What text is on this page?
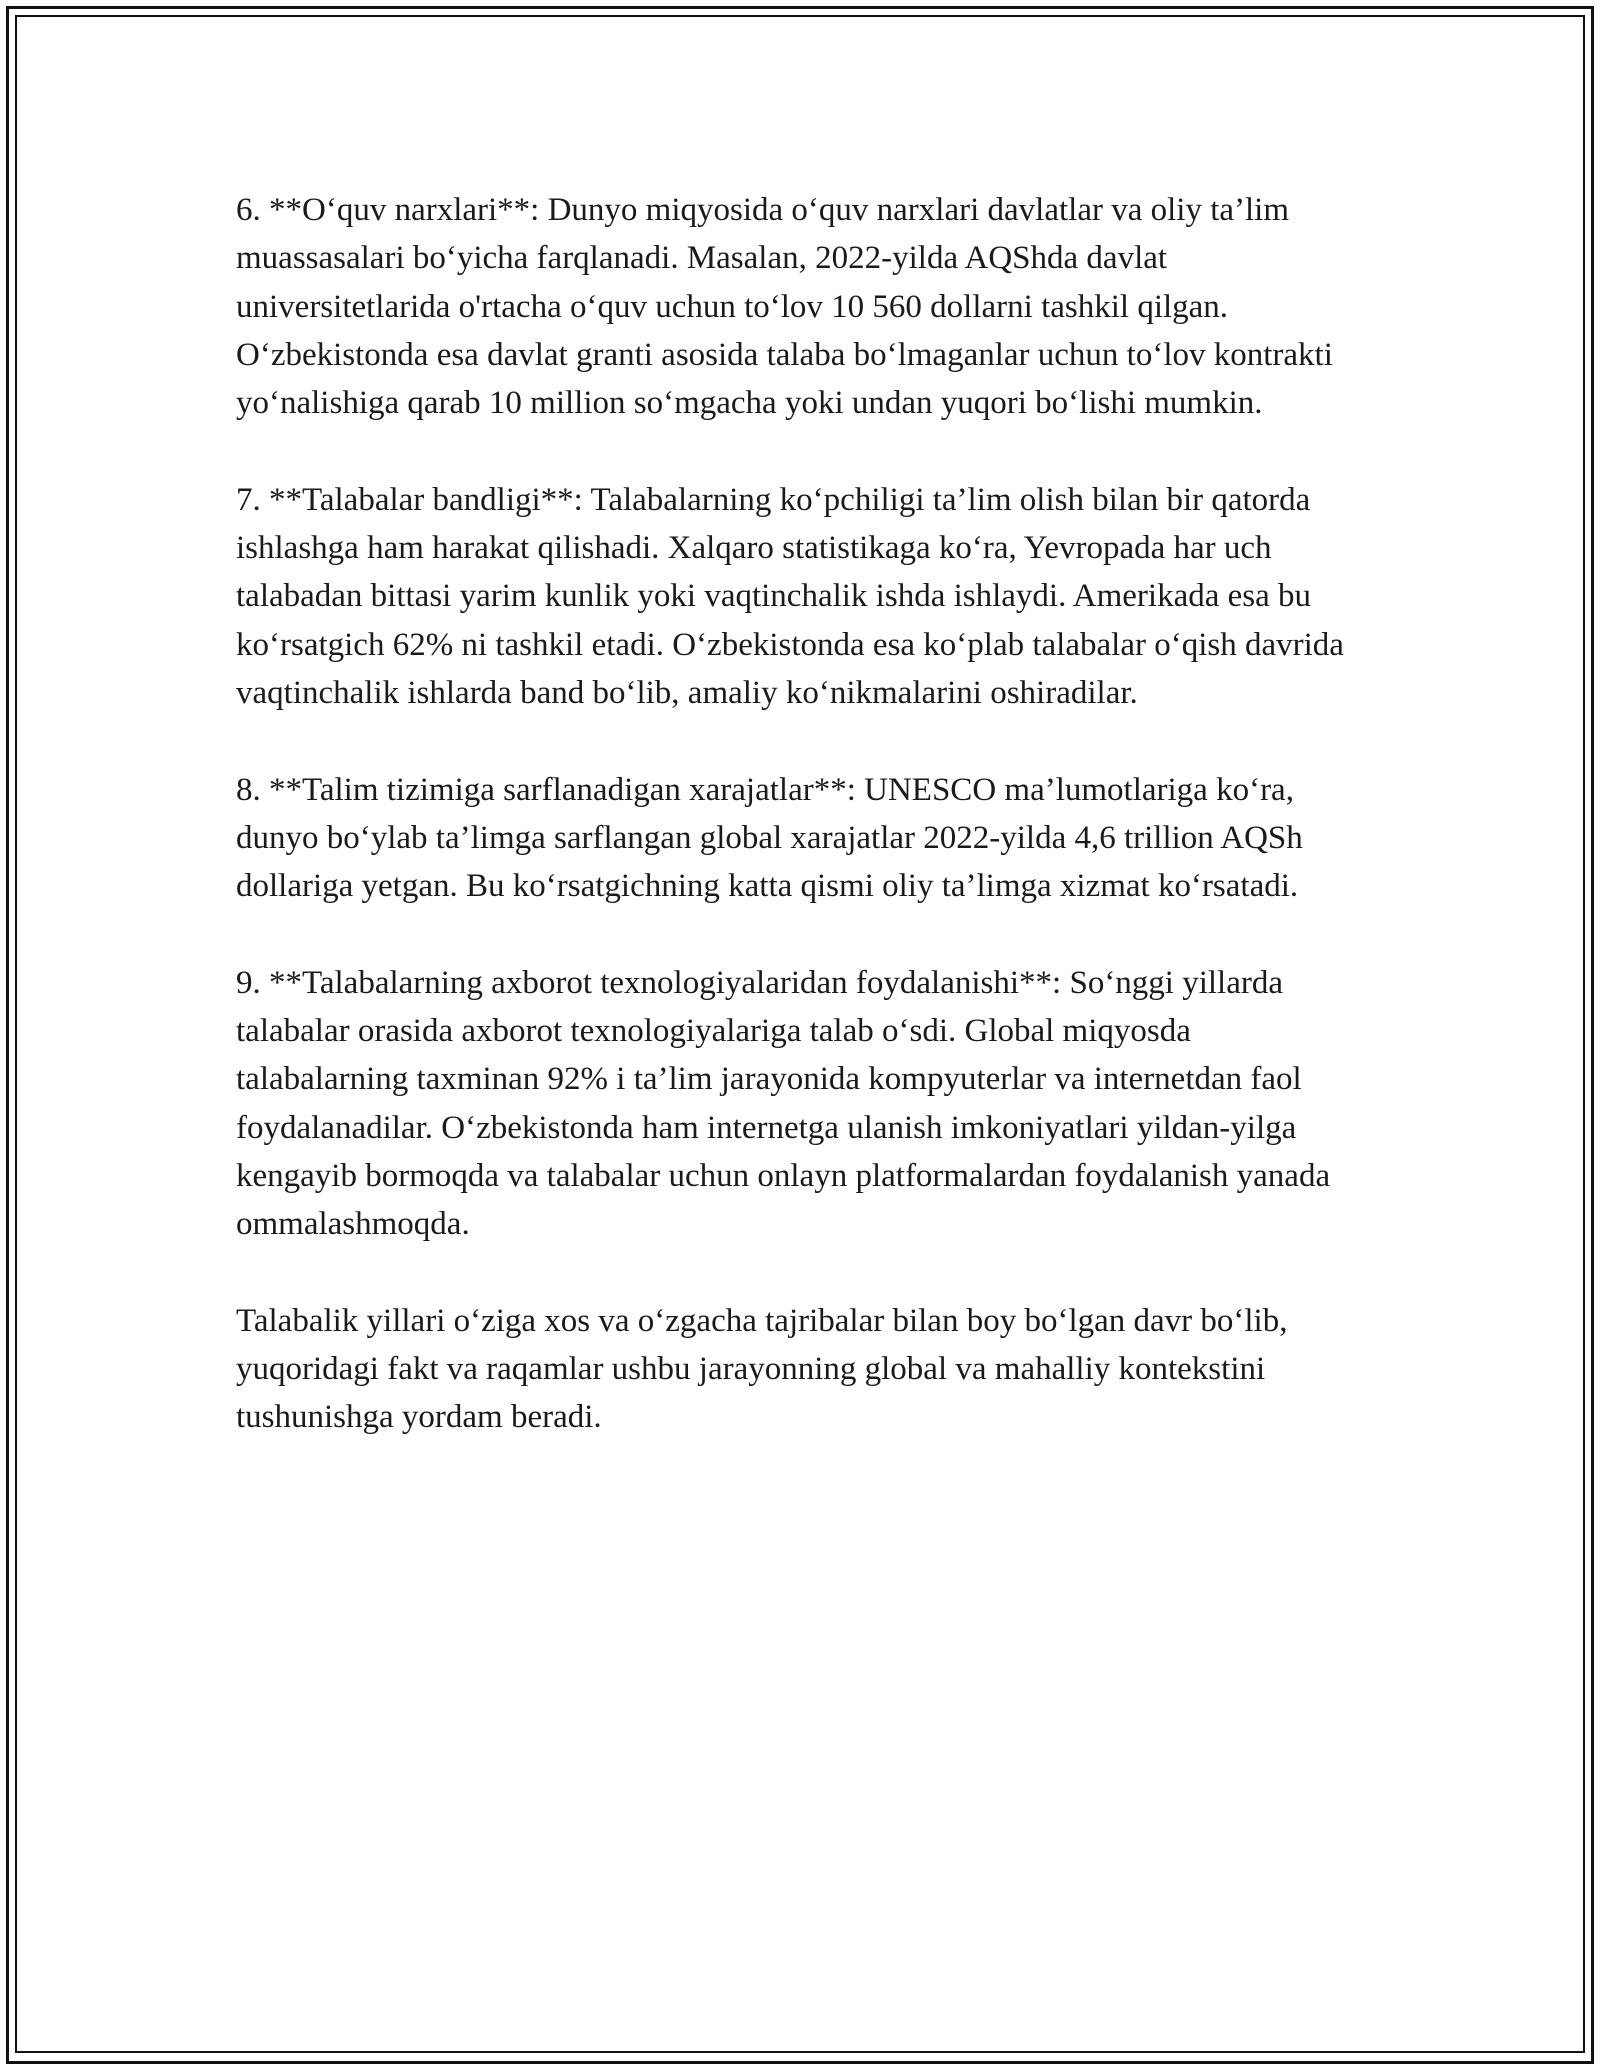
6. **O‘quv narxlari**: Dunyo miqyosida o‘quv narxlari davlatlar va oliy ta’lim muassasalari bo‘yicha farqlanadi. Masalan, 2022-yilda AQShda davlat universitetlarida o'rtacha o‘quv uchun to‘lov 10 560 dollarni tashkil qilgan. O‘zbekistonda esa davlat granti asosida talaba bo‘lmaganlar uchun to‘lov kontrakti yo‘nalishiga qarab 10 million so‘mgacha yoki undan yuqori bo‘lishi mumkin.

7. **Talabalar bandligi**: Talabalarning ko‘pchiligi ta’lim olish bilan bir qatorda ishlashga ham harakat qilishadi. Xalqaro statistikaga ko‘ra, Yevropada har uch talabadan bittasi yarim kunlik yoki vaqtinchalik ishda ishlaydi. Amerikada esa bu ko‘rsatgich 62% ni tashkil etadi. O‘zbekistonda esa ko‘plab talabalar o‘qish davrida vaqtinchalik ishlarda band bo‘lib, amaliy ko‘nikmalarini oshiradilar.

8. **Talim tizimiga sarflanadigan xarajatlar**: UNESCO ma’lumotlariga ko‘ra, dunyo bo‘ylab ta’limga sarflangan global xarajatlar 2022-yilda 4,6 trillion AQSh dollariga yetgan. Bu ko‘rsatgichning katta qismi oliy ta’limga xizmat ko‘rsatadi.

9. **Talabalarning axborot texnologiyalaridan foydalanishi**: So‘nggi yillarda talabalar orasida axborot texnologiyalariga talab o‘sdi. Global miqyosda talabalarning taxminan 92% i ta’lim jarayonida kompyuterlar va internetdan faol foydalanadilar. O‘zbekistonda ham internetga ulanish imkoniyatlari yildan-yilga kengayib bormoqda va talabalar uchun onlayn platformalardan foydalanish yanada ommalashmoqda.

Talabalik yillari o‘ziga xos va o‘zgacha tajribalar bilan boy bo‘lgan davr bo‘lib, yuqoridagi fakt va raqamlar ushbu jarayonning global va mahalliy kontekstini tushunishga yordam beradi.
